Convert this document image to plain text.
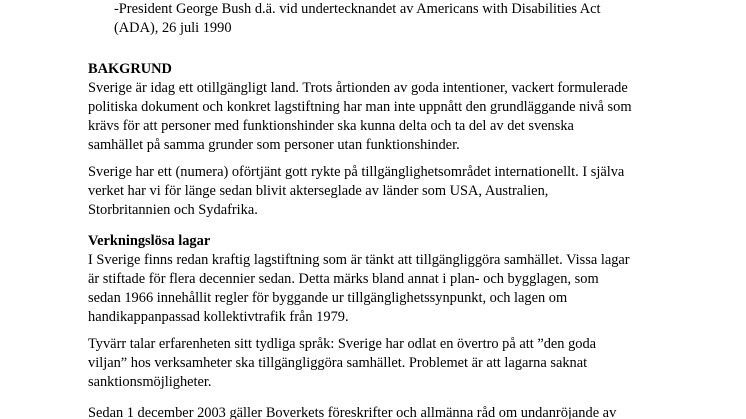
-President George Bush d.ä. vid undertecknandet av Americans with Disabilities Act
(ADA), 26 juli 1990
BAKGRUND
Sverige är idag ett otillgängligt land. Trots årtionden av goda intentioner, vackert formulerade
politiska dokument och konkret lagstiftning har man inte uppnått den grundläggande nivå som
krävs för att personer med funktionshinder ska kunna delta och ta del av det svenska
samhället på samma grunder som personer utan funktionshinder.
Sverige har ett (numera) oförtjänt gott rykte på tillgänglighetsområdet internationellt. I själva
verket har vi för länge sedan blivit akterseglade av länder som USA, Australien,
Storbritannien och Sydafrika.
Verkningslösa lagar
I Sverige finns redan kraftig lagstiftning som är tänkt att tillgängliggöra samhället. Vissa lagar
är stiftade för flera decennier sedan. Detta märks bland annat i plan- och bygglagen, som
sedan 1966 innehållit regler för byggande ur tillgänglighetssynpunkt, och lagen om
handikappanpassad kollektivtrafik från 1979.
Tyvärr talar erfarenheten sitt tydliga språk: Sverige har odlat en övertro på att ”den goda
viljan” hos verksamheter ska tillgängliggöra samhället. Problemet är att lagarna saknat
sanktionsmöjligheter.
Sedan 1 december 2003 gäller Boverkets föreskrifter och allmänna råd om undanröjande av
